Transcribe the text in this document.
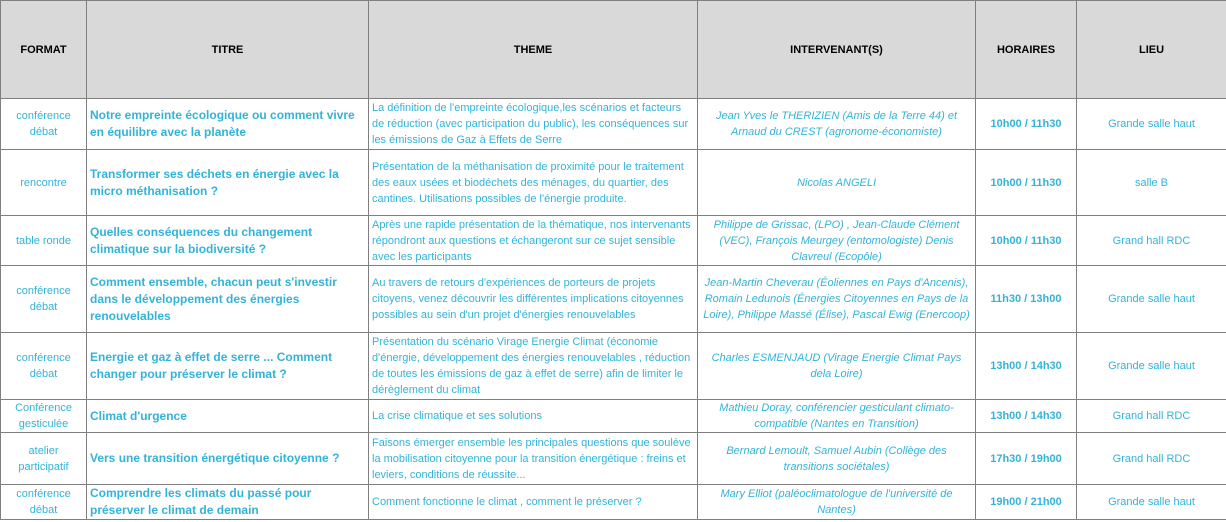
FORMAT	TITRE	THEME	INTERVENANT(S)	HORAIRES	LIEU
conférence débat	Notre empreinte écologique ou comment vivre en équilibre avec la planète	La définition de l'empreinte écologique,les scénarios et facteurs de réduction (avec participation du public), les conséquences sur les émissions de Gaz à Effets de Serre	Jean Yves le THERIZIEN (Amis de la Terre 44) et Arnaud du CREST (agronome-économiste)	10h00 / 11h30	Grande salle haut
rencontre	Transformer ses déchets en énergie avec la micro méthanisation ?	Présentation de la méthanisation de proximité pour le traitement des eaux usées et biodéchets des ménages, du quartier, des cantines. Utilisations possibles de l'énergie produite.	Nicolas ANGELI	10h00 / 11h30	salle B
table ronde	Quelles conséquences du changement climatique sur la biodiversité ?	Après une rapide présentation de la thématique, nos intervenants répondront aux questions et échangeront sur ce sujet sensible avec les participants	Philippe de Grissac, (LPO) , Jean-Claude Clément (VEC), François Meurgey (entomologiste) Denis Clavreul (Ecopôle)	10h00 / 11h30	Grand hall RDC
conférence débat	Comment ensemble, chacun peut s'investir dans le développement des énergies renouvelables	Au travers de retours d'expériences de porteurs de projets citoyens, venez découvrir les différentes implications citoyennes possibles au sein d'un projet d'énergies renouvelables	Jean-Martin Cheverau (Éoliennes en Pays d'Ancenis), Romain Ledunois (Énergies Citoyennes en Pays de la Loire), Philippe Massé (Élise), Pascal Ewig (Enercoop)	11h30 / 13h00	Grande salle haut
conférence débat	Energie et gaz à effet de serre ... Comment changer pour préserver le climat ?	Présentation du scénario Virage Energie Climat (économie d'énergie, développement des énergies renouvelables , réduction de toutes les émissions de gaz à effet de serre) afin de limiter le dérèglement du climat	Charles ESMENJAUD (Virage Energie Climat Pays dela Loire)	13h00 / 14h30	Grande salle haut
Conférence gesticulée	Climat d'urgence	La crise climatique et ses solutions	Mathieu Doray, conférencier gesticulant climato-compatible (Nantes en Transition)	13h00 / 14h30	Grand hall RDC
atelier participatif	Vers une transition énergétique citoyenne ?	Faisons émerger ensemble les principales questions que soulève la mobilisation citoyenne pour la transition énergétique : freins et leviers, conditions de réussite...	Bernard Lemoult, Samuel Aubin (Collège des transitions sociétales)	17h30 / 19h00	Grand hall RDC
conférence débat	Comprendre les climats du passé pour préserver le climat de demain	Comment fonctionne le climat , comment le préserver ?	Mary Elliot (paléoclimatologue de l'université de Nantes)	19h00 / 21h00	Grande salle haut
